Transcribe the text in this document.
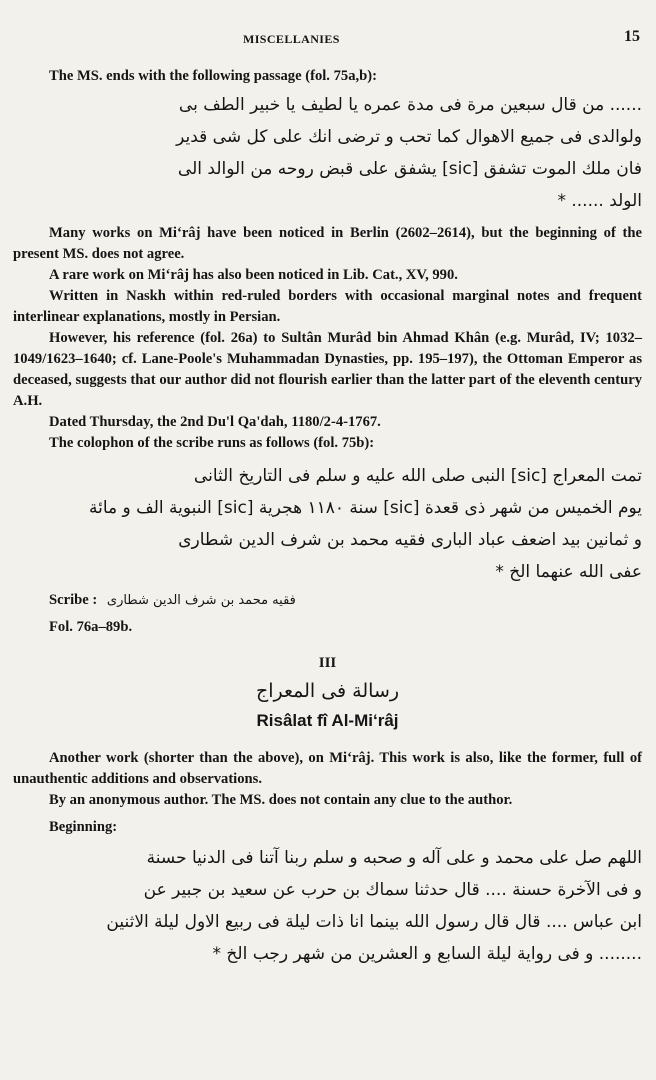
MISCELLANIES	15

The MS. ends with the following passage (fol. 75a,b):

...... من قال سبعين مرة فی مدة عمره یا لطیف یا خبیر الطف بی
ولوالدی فی جمیع الاهوال کما تحب و ترضی انك علی کل شی قدیر
فان ملك الموت تشفق [sic] یشفق علی قبض روحه من الوالد الی
الولد ...... *

Many works on Mi‘râj have been noticed in Berlin (2602–2614), but the beginning of the present MS. does not agree.

A rare work on Mi‘râj has also been noticed in Lib. Cat., XV, 990.

Written in Naskh within red-ruled borders with occasional marginal notes and frequent interlinear explanations, mostly in Persian.

However, his reference (fol. 26a) to Sultân Murâd bin Ahmad Khân (e.g. Murâd, IV; 1032–1049/1623–1640; cf. Lane-Poole's Muhammadan Dynasties, pp. 195–197), the Ottoman Emperor as deceased, suggests that our author did not flourish earlier than the latter part of the eleventh century A.H.

Dated Thursday, the 2nd Du'l Qa'dah, 1180/2-4-1767.

The colophon of the scribe runs as follows (fol. 75b):

تمت المعراج [sic] النبی صلی الله علیه و سلم فی التاریخ الثانی
یوم الخمیس من شهر ذی قعدة [sic] سنة ۱۱۸۰ هجریة [sic] النبویة الف و مائة
و ثمانین بید اضعف عباد الباری فقیه محمد بن شرف الدین شطاری
عفی الله عنهما الخ *
Scribe : فقیه محمد بن شرف الدین شطاری

Fol. 76a–89b.

III
رسالة فی المعراج
Risâlat fî Al-Mi‘râj

Another work (shorter than the above), on Mi‘râj. This work is also, like the former, full of unauthentic additions and observations.

By an anonymous author. The MS. does not contain any clue to the author.

Beginning:

اللهم صل علی محمد و علی آله و صحبه و سلم ربنا آتنا فی الدنیا حسنة
و فی الآخرة حسنة .... قال حدثنا سماك بن حرب عن سعید بن جبیر عن
ابن عباس .... قال قال رسول الله بینما انا ذات لیلة فی ربیع الاول لیلة الاثنین
........ و فی روایة لیلة السابع و العشرین من شهر رجب الخ *
